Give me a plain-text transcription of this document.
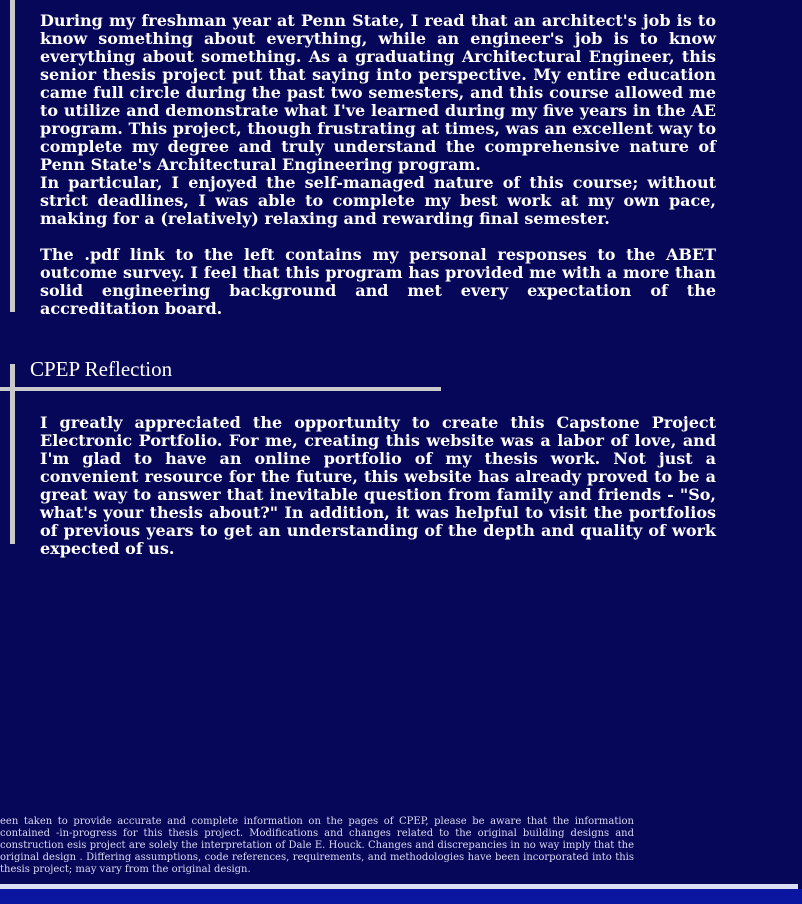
During my freshman year at Penn State, I read that an architect's job is to know something about everything, while an engineer's job is to know everything about something. As a graduating Architectural Engineer, this senior thesis project put that saying into perspective. My entire education came full circle during the past two semesters, and this course allowed me to utilize and demonstrate what I've learned during my five years in the AE program. This project, though frustrating at times, was an excellent way to complete my degree and truly understand the comprehensive nature of Penn State's Architectural Engineering program.

In particular, I enjoyed the self-managed nature of this course; without strict deadlines, I was able to complete my best work at my own pace, making for a (relatively) relaxing and rewarding final semester.

The .pdf link to the left contains my personal responses to the ABET outcome survey. I feel that this program has provided me with a more than solid engineering background and met every expectation of the accreditation board.

CPEP Reflection

I greatly appreciated the opportunity to create this Capstone Project Electronic Portfolio. For me, creating this website was a labor of love, and I'm glad to have an online portfolio of my thesis work. Not just a convenient resource for the future, this website has already proved to be a great way to answer that inevitable question from family and friends - "So, what's your thesis about?" In addition, it was helpful to visit the portfolios of previous years to get an understanding of the depth and quality of work expected of us.

een taken to provide accurate and complete information on the pages of CPEP, please be aware that the information contained -in-progress for this thesis project. Modifications and changes related to the original building designs and construction esis project are solely the interpretation of Dale E. Houck. Changes and discrepancies in no way imply that the original design . Differing assumptions, code references, requirements, and methodologies have been incorporated into this thesis project; may vary from the original design.
